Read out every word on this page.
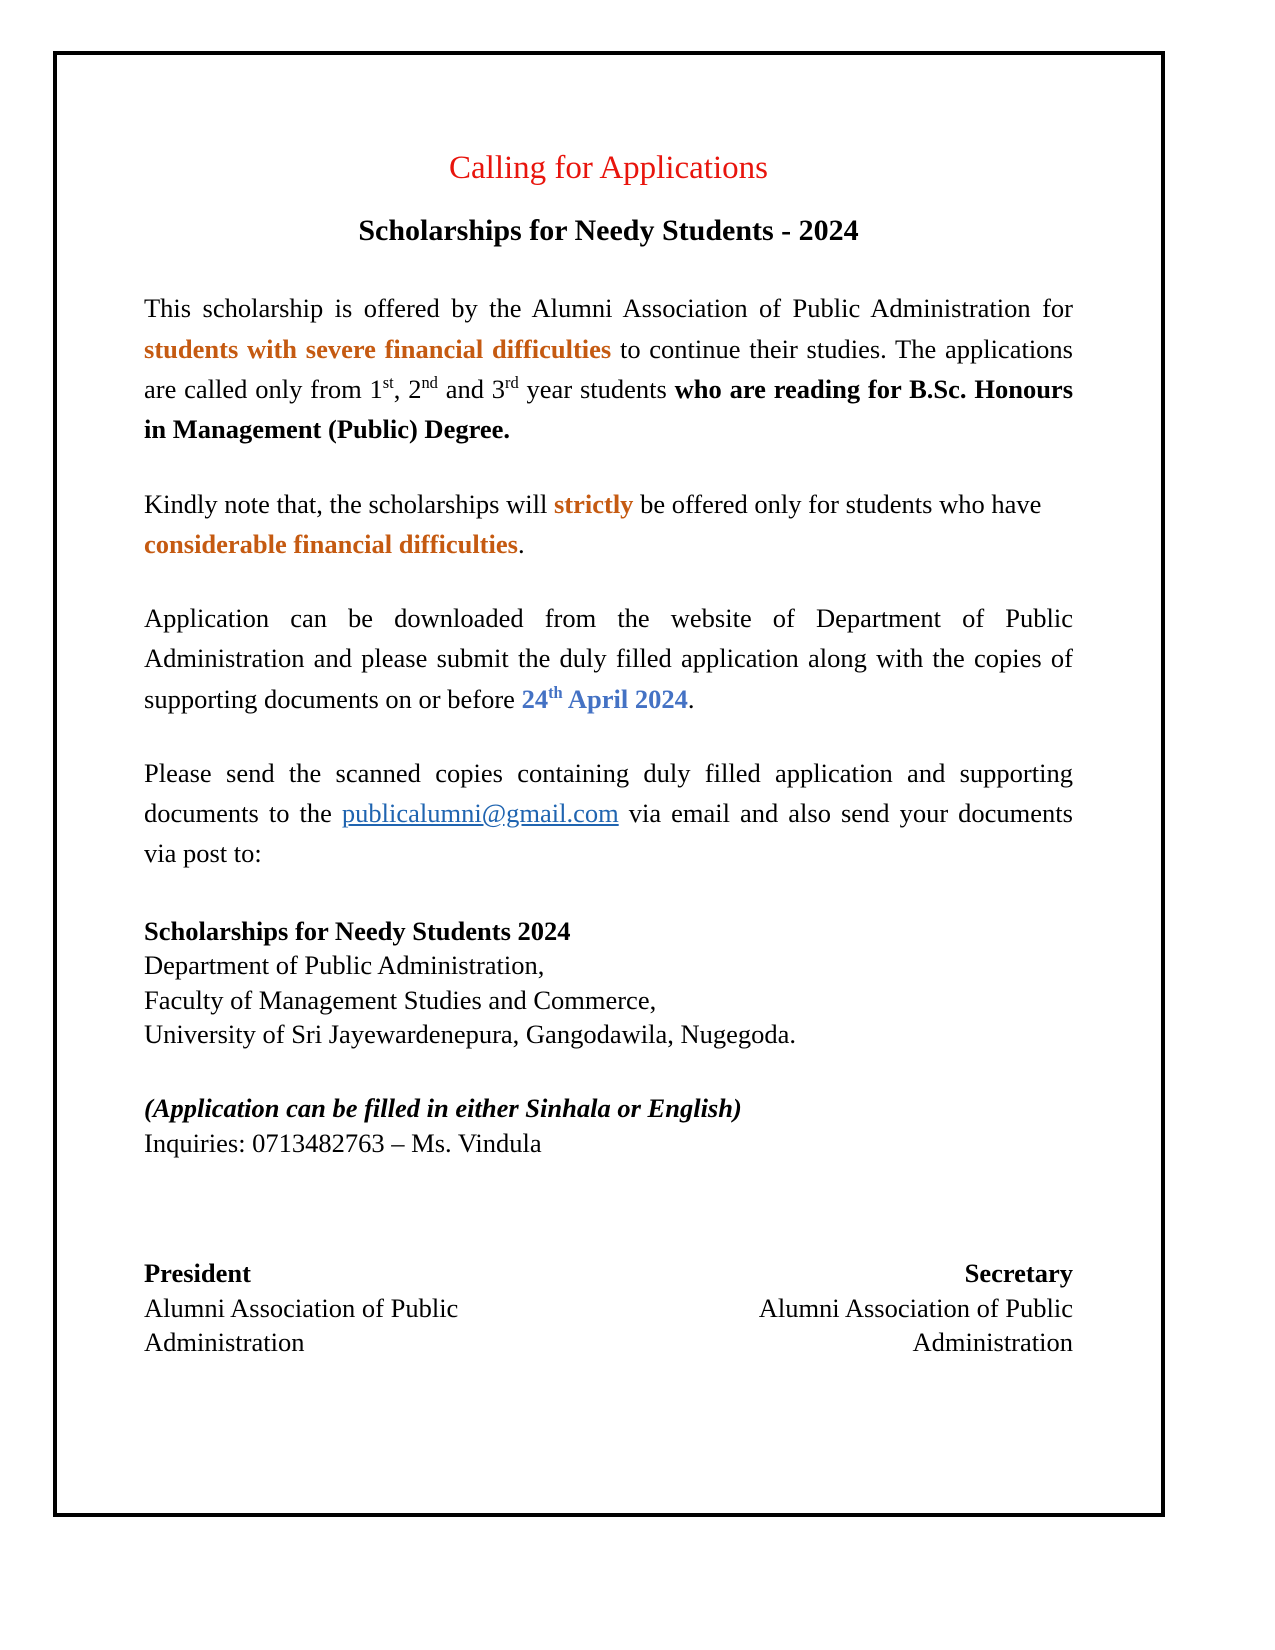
Calling for Applications
Scholarships for Needy Students - 2024

This scholarship is offered by the Alumni Association of Public Administration for students with severe financial difficulties to continue their studies. The applications are called only from 1st, 2nd and 3rd year students who are reading for B.Sc. Honours in Management (Public) Degree.

Kindly note that, the scholarships will strictly be offered only for students who have considerable financial difficulties.

Application can be downloaded from the website of Department of Public Administration and please submit the duly filled application along with the copies of supporting documents on or before 24th April 2024.

Please send the scanned copies containing duly filled application and supporting documents to the publicalumni@gmail.com via email and also send your documents via post to:

Scholarships for Needy Students 2024
Department of Public Administration,
Faculty of Management Studies and Commerce,
University of Sri Jayewardenepura, Gangodawila, Nugegoda.

(Application can be filled in either Sinhala or English)

Inquiries: 0713482763 – Ms. Vindula

President
Alumni Association of Public
Administration
Secretary
Alumni Association of Public
Administration
